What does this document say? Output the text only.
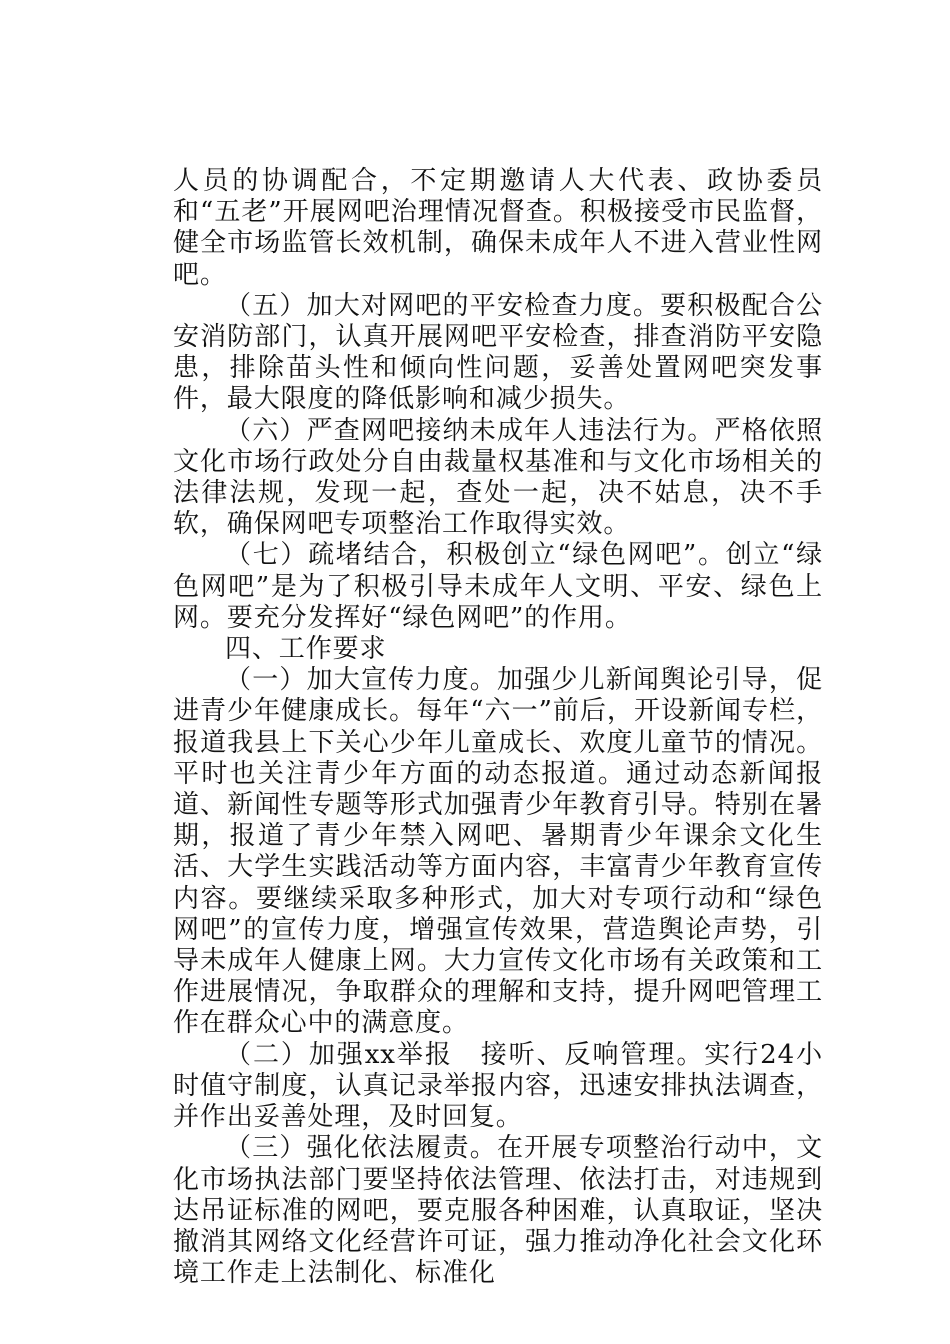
人员的协调配合，不定期邀请人大代表、政协委员和“五老”开展网吧治理情况督查。积极接受市民监督，健全市场监管长效机制，确保未成年人不进入营业性网吧。

（五）加大对网吧的平安检查力度。要积极配合公安消防部门，认真开展网吧平安检查，排查消防平安隐患，排除苗头性和倾向性问题，妥善处置网吧突发事件，最大限度的降低影响和减少损失。

（六）严查网吧接纳未成年人违法行为。严格依照文化市场行政处分自由裁量权基准和与文化市场相关的法律法规，发现一起，查处一起，决不姑息，决不手软，确保网吧专项整治工作取得实效。

（七）疏堵结合，积极创立“绿色网吧”。创立“绿色网吧”是为了积极引导未成年人文明、平安、绿色上网。要充分发挥好“绿色网吧”的作用。

四、工作要求

（一）加大宣传力度。加强少儿新闻舆论引导，促进青少年健康成长。每年“六一”前后，开设新闻专栏，报道我县上下关心少年儿童成长、欢度儿童节的情况。平时也关注青少年方面的动态报道。通过动态新闻报道、新闻性专题等形式加强青少年教育引导。特别在暑期，报道了青少年禁入网吧、暑期青少年课余文化生活、大学生实践活动等方面内容，丰富青少年教育宣传内容。要继续采取多种形式，加大对专项行动和“绿色网吧”的宣传力度，增强宣传效果，营造舆论声势，引导未成年人健康上网。大力宣传文化市场有关政策和工作进展情况，争取群众的理解和支持，提升网吧管理工作在群众心中的满意度。

（二）加强xx举报　接听、反响管理。实行24小时值守制度，认真记录举报内容，迅速安排执法调查，并作出妥善处理，及时回复。

（三）强化依法履责。在开展专项整治行动中，文化市场执法部门要坚持依法管理、依法打击，对违规到达吊证标准的网吧，要克服各种困难，认真取证，坚决撤消其网络文化经营许可证，强力推动净化社会文化环境工作走上法制化、标准化
